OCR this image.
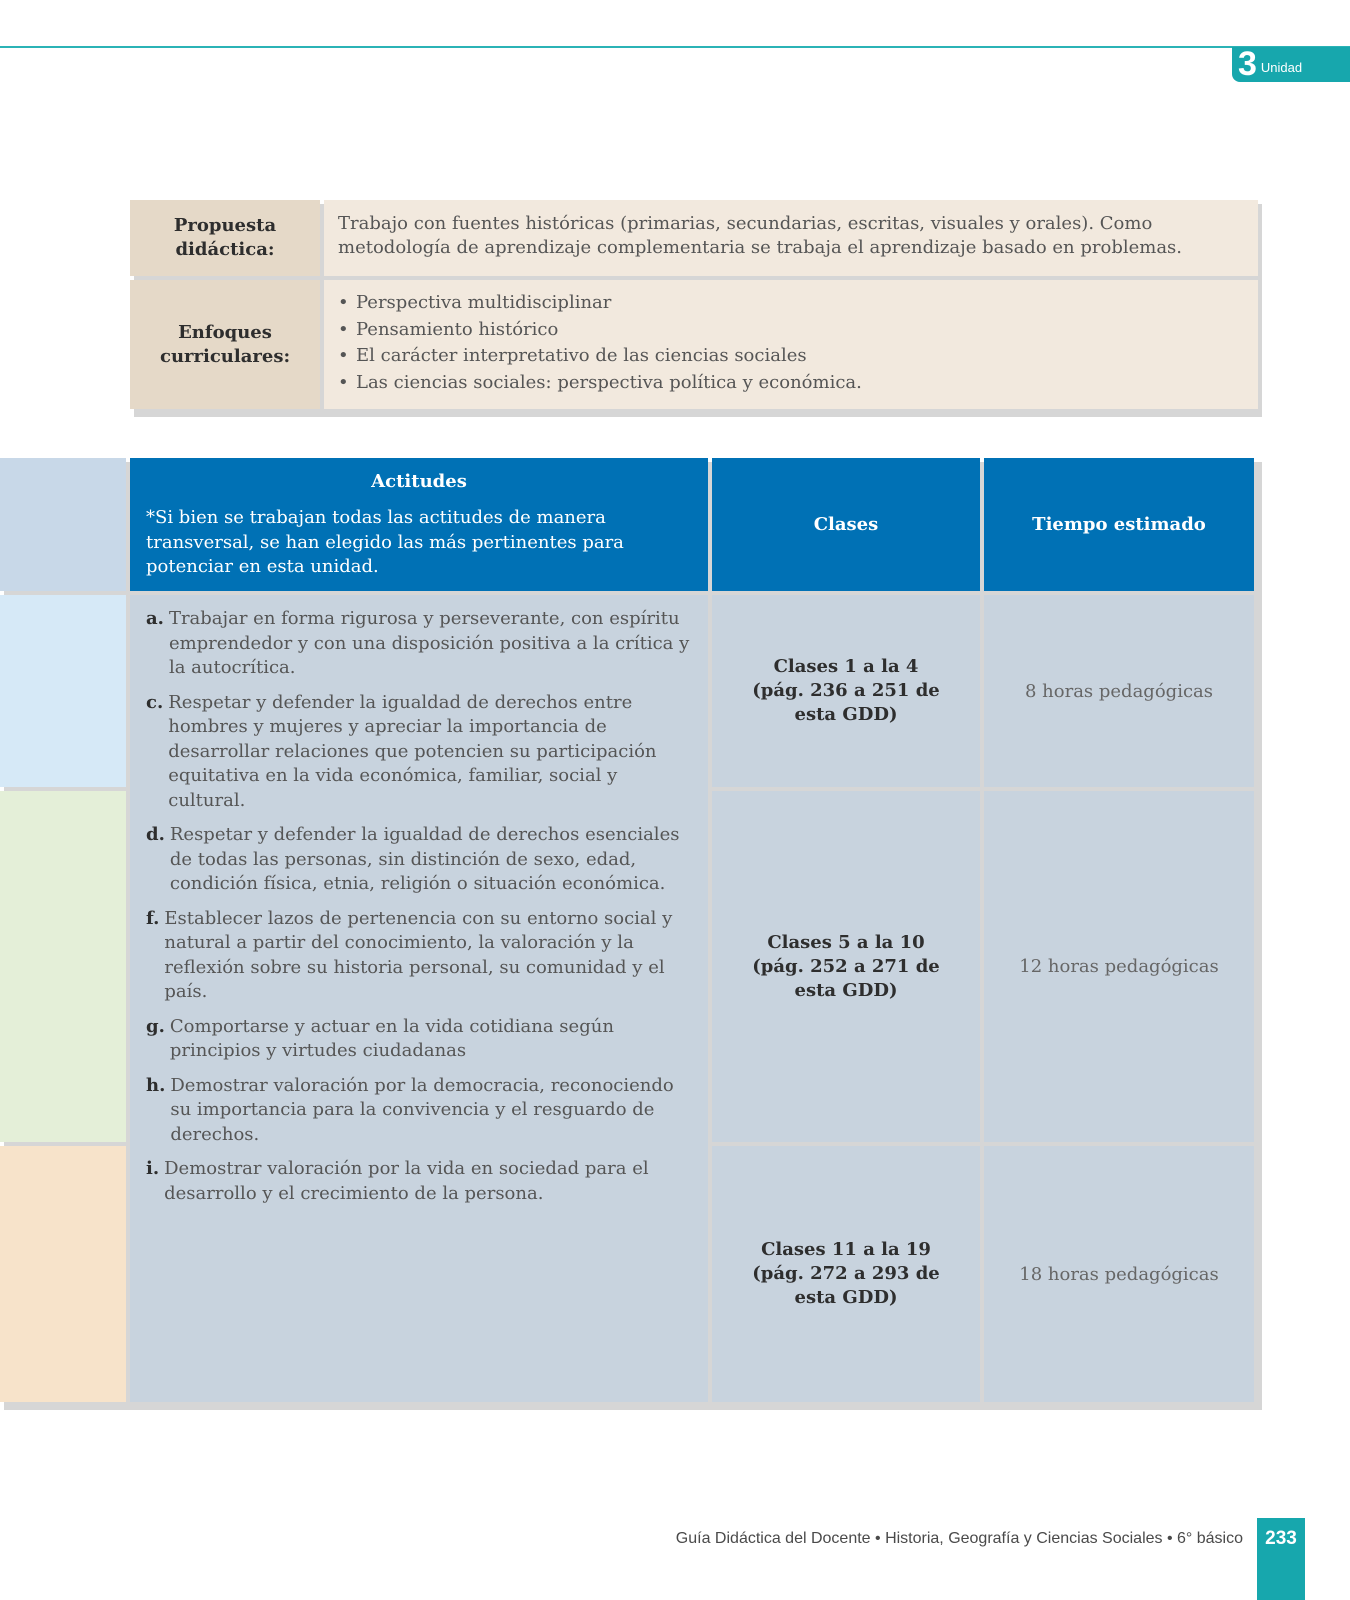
3 Unidad
Propuesta didáctica:
Trabajo con fuentes históricas (primarias, secundarias, escritas, visuales y orales). Como metodología de aprendizaje complementaria se trabaja el aprendizaje basado en problemas.
Enfoques curriculares:
• Perspectiva multidisciplinar
• Pensamiento histórico
• El carácter interpretativo de las ciencias sociales
• Las ciencias sociales: perspectiva política y económica.
Actitudes
*Si bien se trabajan todas las actitudes de manera transversal, se han elegido las más pertinentes para potenciar en esta unidad.
Clases	Tiempo estimado
a. Trabajar en forma rigurosa y perseverante, con espíritu emprendedor y con una disposición positiva a la crítica y la autocrítica.
c. Respetar y defender la igualdad de derechos entre hombres y mujeres y apreciar la importancia de desarrollar relaciones que potencien su participación equitativa en la vida económica, familiar, social y cultural.
d. Respetar y defender la igualdad de derechos esenciales de todas las personas, sin distinción de sexo, edad, condición física, etnia, religión o situación económica.
f. Establecer lazos de pertenencia con su entorno social y natural a partir del conocimiento, la valoración y la reflexión sobre su historia personal, su comunidad y el país.
g. Comportarse y actuar en la vida cotidiana según principios y virtudes ciudadanas
h. Demostrar valoración por la democracia, reconociendo su importancia para la convivencia y el resguardo de derechos.
i. Demostrar valoración por la vida en sociedad para el desarrollo y el crecimiento de la persona.
Clases 1 a la 4
(pág. 236 a 251 de esta GDD)
8 horas pedagógicas
Clases 5 a la 10
(pág. 252 a 271 de esta GDD)
12 horas pedagógicas
Clases 11 a la 19
(pág. 272 a 293 de esta GDD)
18 horas pedagógicas
Guía Didáctica del Docente • Historia, Geografía y Ciencias Sociales • 6° básico	233
